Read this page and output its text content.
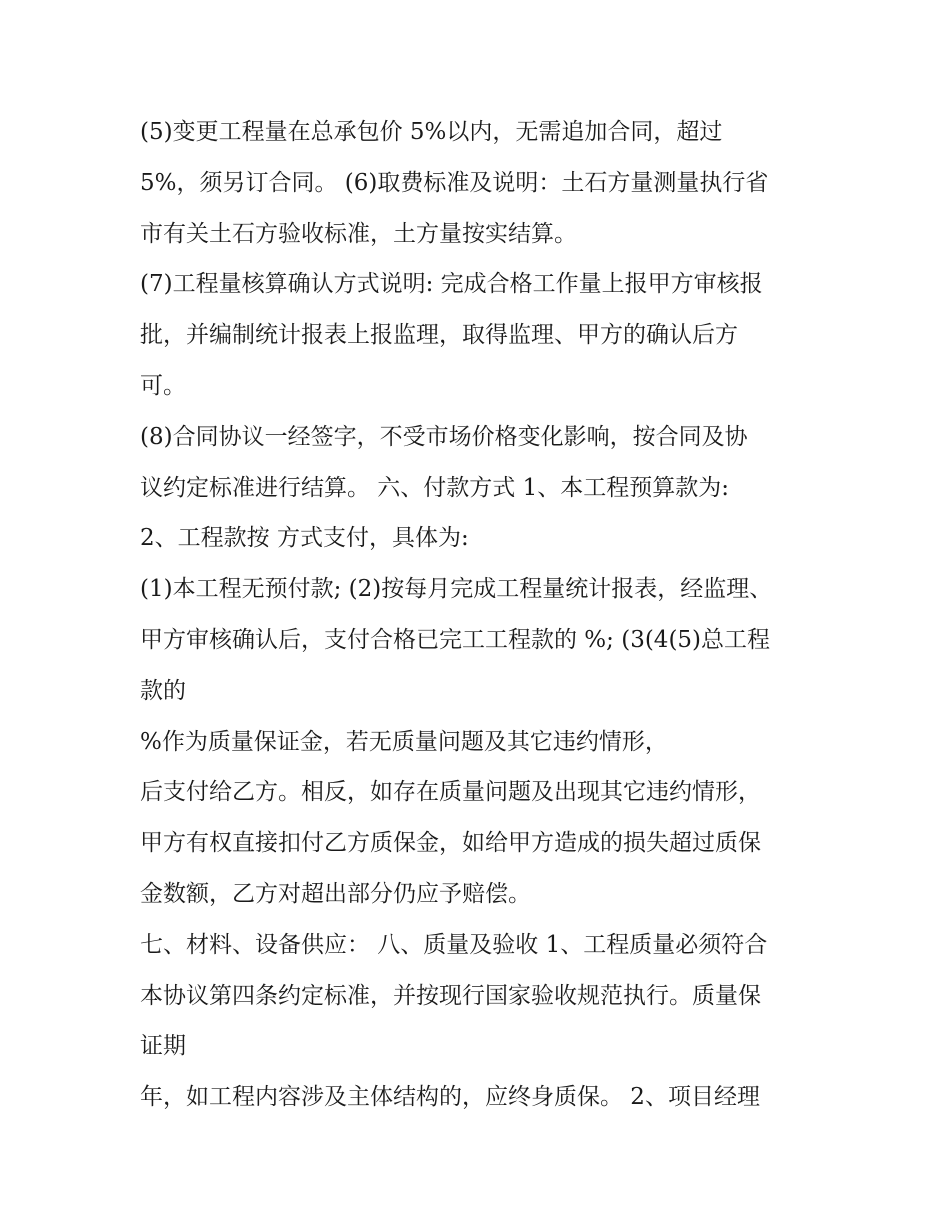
(5)变更工程量在总承包价 5%以内，无需追加合同，超过
5%，须另订合同。 (6)取费标准及说明：土石方量测量执行省
市有关土石方验收标准，土方量按实结算。
(7)工程量核算确认方式说明: 完成合格工作量上报甲方审核报
批，并编制统计报表上报监理，取得监理、甲方的确认后方
可。
(8)合同协议一经签字，不受市场价格变化影响，按合同及协
议约定标准进行结算。 六、付款方式 1、本工程预算款为:
2、工程款按 方式支付，具体为:
(1)本工程无预付款; (2)按每月完成工程量统计报表，经监理、
甲方审核确认后，支付合格已完工工程款的 %; (3(4(5)总工程
款的
%作为质量保证金，若无质量问题及其它违约情形，
后支付给乙方。相反，如存在质量问题及出现其它违约情形，
甲方有权直接扣付乙方质保金，如给甲方造成的损失超过质保
金数额，乙方对超出部分仍应予赔偿。
七、材料、设备供应： 八、质量及验收 1、工程质量必须符合
本协议第四条约定标准，并按现行国家验收规范执行。质量保
证期
年，如工程内容涉及主体结构的，应终身质保。 2、项目经理
